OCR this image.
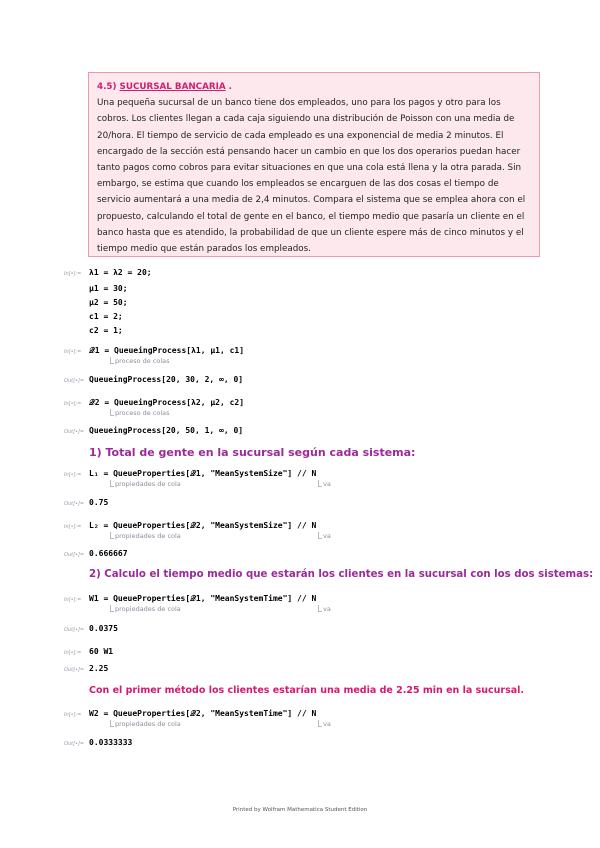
4.5) SUCURSAL BANCARIA .
Una pequeña sucursal de un banco tiene dos empleados, uno para los pagos y otro para los cobros. Los clientes llegan a cada caja siguiendo una distribución de Poisson con una media de 20/hora. El tiempo de servicio de cada empleado es una exponencial de media 2 minutos. El encargado de la sección está pensando hacer un cambio en que los dos operarios puedan hacer tanto pagos como cobros para evitar situaciones en que una cola está llena y la otra parada. Sin embargo, se estima que cuando los empleados se encarguen de las dos cosas el tiempo de servicio aumentará a una media de 2,4 minutos. Compara el sistema que se emplea ahora con el propuesto, calculando el total de gente en el banco, el tiempo medio que pasaría un cliente en el banco hasta que es atendido, la probabilidad de que un cliente espere más de cinco minutos y el tiempo medio que están parados los empleados.
In[•]:= λ1 = λ2 = 20;
μ1 = 30;
μ2 = 50;
c1 = 2;
c2 = 1;
In[•]:= 𝒬1 = QueueingProcess[λ1, μ1, c1]
proceso de colas
Out[•]= QueueingProcess[20, 30, 2, ∞, 0]
In[•]:= 𝒬2 = QueueingProcess[λ2, μ2, c2]
proceso de colas
Out[•]= QueueingProcess[20, 50, 1, ∞, 0]
1) Total de gente en la sucursal según cada sistema:
In[•]:= L₁ = QueueProperties[𝒬1, "MeanSystemSize"] // N
propiedades de cola	va
Out[•]= 0.75
In[•]:= L₂ = QueueProperties[𝒬2, "MeanSystemSize"] // N
propiedades de cola	va
Out[•]= 0.666667
2) Calculo el tiempo medio que estarán los clientes en la sucursal con los dos sistemas:
In[•]:= W1 = QueueProperties[𝒬1, "MeanSystemTime"] // N
propiedades de cola	va
Out[•]= 0.0375
In[•]:= 60 W1
Out[•]= 2.25
Con el primer método los clientes estarían una media de 2.25 min en la sucursal.
In[•]:= W2 = QueueProperties[𝒬2, "MeanSystemTime"] // N
propiedades de cola	va
Out[•]= 0.0333333
Printed by Wolfram Mathematica Student Edition
